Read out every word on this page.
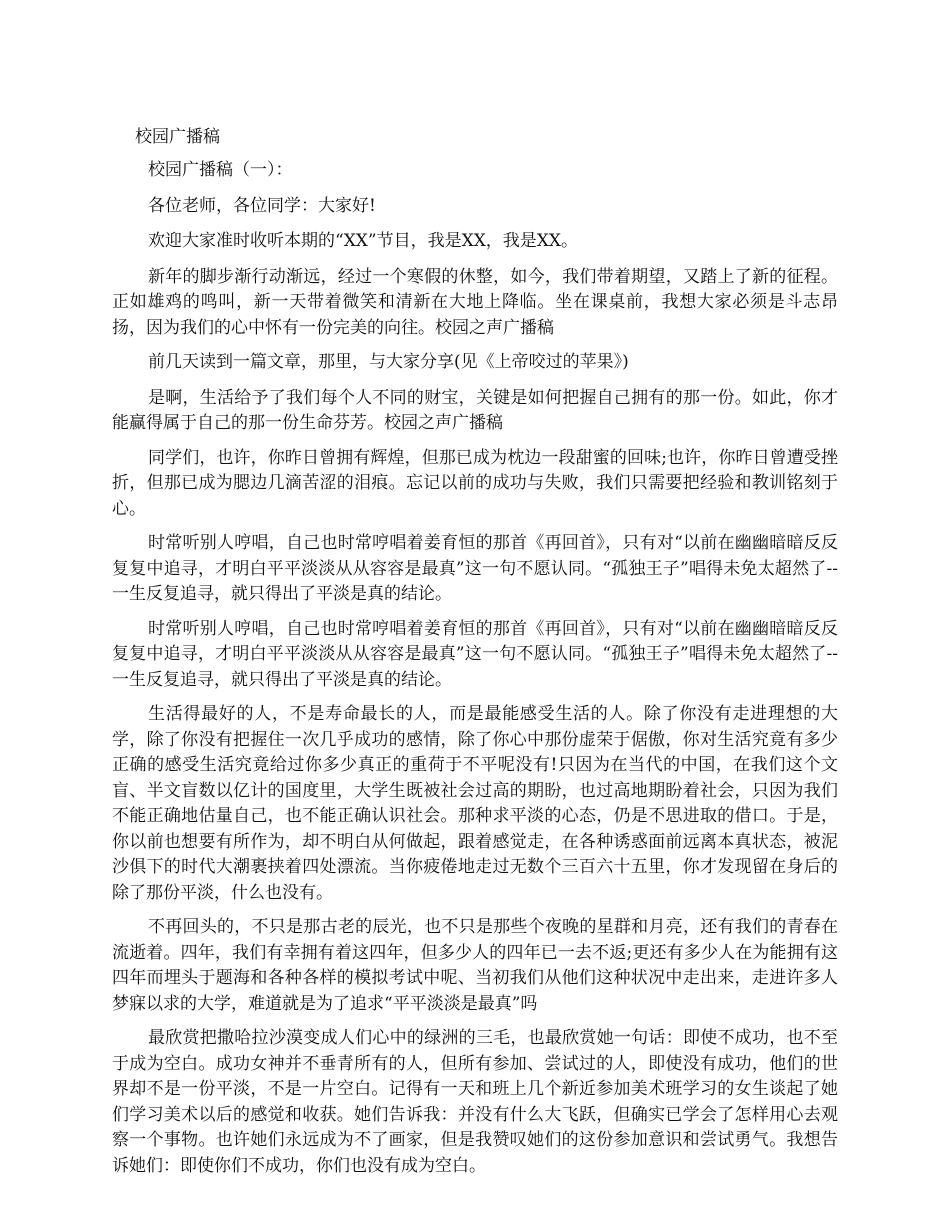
校园广播稿

校园广播稿（一）：

各位老师，各位同学：大家好!

欢迎大家准时收听本期的“XX”节目，我是XX，我是XX。

新年的脚步渐行动渐远，经过一个寒假的休整，如今，我们带着期望，又踏上了新的征程。正如雄鸡的鸣叫，新一天带着微笑和清新在大地上降临。坐在课桌前，我想大家必须是斗志昂扬，因为我们的心中怀有一份完美的向往。校园之声广播稿

前几天读到一篇文章，那里，与大家分享(见《上帝咬过的苹果》)

是啊，生活给予了我们每个人不同的财宝，关键是如何把握自己拥有的那一份。如此，你才能赢得属于自己的那一份生命芬芳。校园之声广播稿

同学们，也许，你昨日曾拥有辉煌，但那已成为枕边一段甜蜜的回味;也许，你昨日曾遭受挫折，但那已成为腮边几滴苦涩的泪痕。忘记以前的成功与失败，我们只需要把经验和教训铭刻于心。

时常听别人哼唱，自己也时常哼唱着姜育恒的那首《再回首》，只有对“以前在幽幽暗暗反反复复中追寻，才明白平平淡淡从从容容是最真”这一句不愿认同。“孤独王子”唱得未免太超然了--一生反复追寻，就只得出了平淡是真的结论。

时常听别人哼唱，自己也时常哼唱着姜育恒的那首《再回首》，只有对“以前在幽幽暗暗反反复复中追寻，才明白平平淡淡从从容容是最真”这一句不愿认同。“孤独王子”唱得未免太超然了--一生反复追寻，就只得出了平淡是真的结论。

生活得最好的人，不是寿命最长的人，而是最能感受生活的人。除了你没有走进理想的大学，除了你没有把握住一次几乎成功的感情，除了你心中那份虚荣于倨傲，你对生活究竟有多少正确的感受生活究竟给过你多少真正的重荷于不平呢没有!只因为在当代的中国，在我们这个文盲、半文盲数以亿计的国度里，大学生既被社会过高的期盼，也过高地期盼着社会，只因为我们不能正确地估量自己，也不能正确认识社会。那种求平淡的心态，仍是不思进取的借口。于是，你以前也想要有所作为，却不明白从何做起，跟着感觉走，在各种诱惑面前远离本真状态，被泥沙俱下的时代大潮裹挟着四处漂流。当你疲倦地走过无数个三百六十五里，你才发现留在身后的除了那份平淡，什么也没有。

不再回头的，不只是那古老的辰光，也不只是那些个夜晚的星群和月亮，还有我们的青春在流逝着。四年，我们有幸拥有着这四年，但多少人的四年已一去不返;更还有多少人在为能拥有这四年而埋头于题海和各种各样的模拟考试中呢、当初我们从他们这种状况中走出来，走进许多人梦寐以求的大学，难道就是为了追求“平平淡淡是最真”吗

最欣赏把撒哈拉沙漠变成人们心中的绿洲的三毛，也最欣赏她一句话：即使不成功，也不至于成为空白。成功女神并不垂青所有的人，但所有参加、尝试过的人，即使没有成功，他们的世界却不是一份平淡，不是一片空白。记得有一天和班上几个新近参加美术班学习的女生谈起了她们学习美术以后的感觉和收获。她们告诉我：并没有什么大飞跃，但确实已学会了怎样用心去观察一个事物。也许她们永远成为不了画家，但是我赞叹她们的这份参加意识和尝试勇气。我想告诉她们：即使你们不成功，你们也没有成为空白。
